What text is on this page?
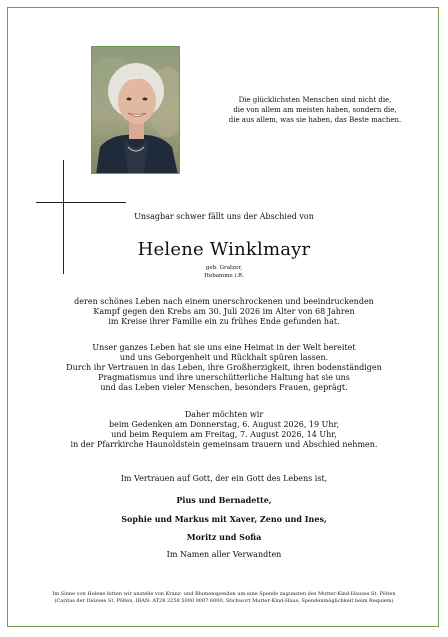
Die glücklichsten Menschen sind nicht die,
die von allem am meisten haben, sondern die,
die aus allem, was sie haben, das Beste machen.
Unsagbar schwer fällt uns der Abschied von
Helene Winklmayr
geb. Gratzer,
Hebamme i.R.
deren schönes Leben nach einem unerschrockenen und beeindruckenden
Kampf gegen den Krebs am 30. Juli 2026 im Alter von 68 Jahren
im Kreise ihrer Familie ein zu frühes Ende gefunden hat.
Unser ganzes Leben hat sie uns eine Heimat in der Welt bereitet
und uns Geborgenheit und Rückhalt spüren lassen.
Durch ihr Vertrauen in das Leben, ihre Großherzigkeit, ihren bodenständigen
Pragmatismus und ihre unerschütterliche Haltung hat sie uns
und das Leben vieler Menschen, besonders Frauen, geprägt.
Daher möchten wir
beim Gedenken am Donnerstag, 6. August 2026, 19 Uhr,
und beim Requiem am Freitag, 7. August 2026, 14 Uhr,
in der Pfarrkirche Haunoldstein gemeinsam trauern und Abschied nehmen.
Im Vertrauen auf Gott, der ein Gott des Lebens ist,
Pius und Bernadette,
Sophie und Markus mit Xaver, Zeno und Ines,
Moritz und Sofia
Im Namen aller Verwandten
Im Sinne von Helene bitten wir anstelle von Kranz- und Blumenspenden um eine Spende zugunsten des Mutter-Kind-Hauses St. Pölten
(Caritas der Diözese St. Pölten, IBAN: AT28 3258 5000 0007 6000, Stichwort Mutter-Kind-Haus; Spendenmöglichkeit beim Requiem)
